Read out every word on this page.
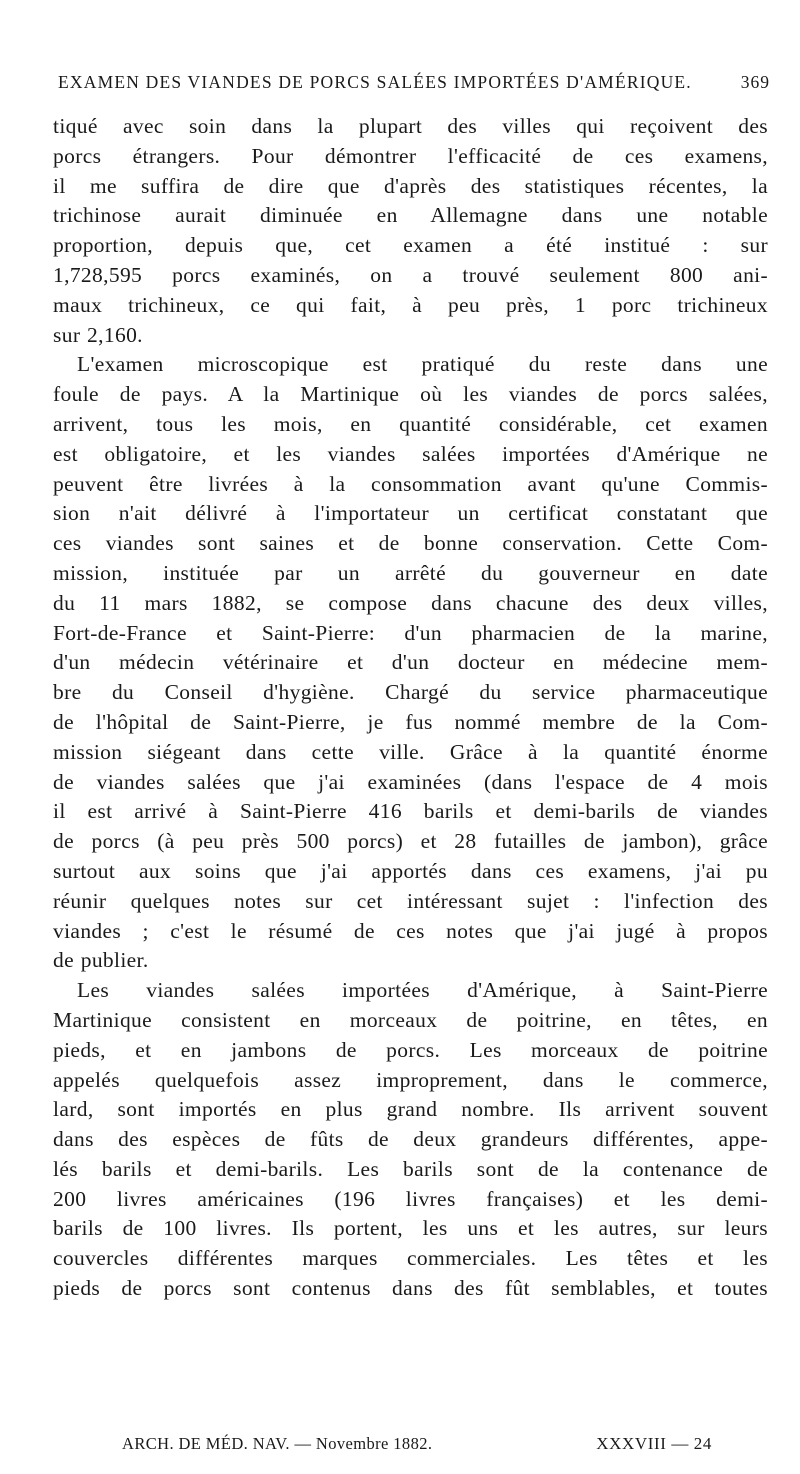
EXAMEN DES VIANDES DE PORCS SALÉES IMPORTÉES D'AMÉRIQUE.	369

tiqué avec soin dans la plupart des villes qui reçoivent des
porcs étrangers. Pour démontrer l'efficacité de ces examens,
il me suffira de dire que d'après des statistiques récentes, la
trichinose aurait diminuée en Allemagne dans une notable
proportion, depuis que, cet examen a été institué : sur
1,728,595 porcs examinés, on a trouvé seulement 800 ani-
maux trichineux, ce qui fait, à peu près, 1 porc trichineux
sur 2,160.

L'examen microscopique est pratiqué du reste dans une
foule de pays. A la Martinique où les viandes de porcs salées,
arrivent, tous les mois, en quantité considérable, cet examen
est obligatoire, et les viandes salées importées d'Amérique ne
peuvent être livrées à la consommation avant qu'une Commis-
sion n'ait délivré à l'importateur un certificat constatant que
ces viandes sont saines et de bonne conservation. Cette Com-
mission, instituée par un arrêté du gouverneur en date
du 11 mars 1882, se compose dans chacune des deux villes,
Fort-de-France et Saint-Pierre: d'un pharmacien de la marine,
d'un médecin vétérinaire et d'un docteur en médecine mem-
bre du Conseil d'hygiène. Chargé du service pharmaceutique
de l'hôpital de Saint-Pierre, je fus nommé membre de la Com-
mission siégeant dans cette ville. Grâce à la quantité énorme
de viandes salées que j'ai examinées (dans l'espace de 4 mois
il est arrivé à Saint-Pierre 416 barils et demi-barils de viandes
de porcs (à peu près 500 porcs) et 28 futailles de jambon), grâce
surtout aux soins que j'ai apportés dans ces examens, j'ai pu
réunir quelques notes sur cet intéressant sujet : l'infection des
viandes ; c'est le résumé de ces notes que j'ai jugé à propos
de publier.

Les viandes salées importées d'Amérique, à Saint-Pierre
Martinique consistent en morceaux de poitrine, en têtes, en
pieds, et en jambons de porcs. Les morceaux de poitrine
appelés quelquefois assez improprement, dans le commerce,
lard, sont importés en plus grand nombre. Ils arrivent souvent
dans des espèces de fûts de deux grandeurs différentes, appe-
lés barils et demi-barils. Les barils sont de la contenance de
200 livres américaines (196 livres françaises) et les demi-
barils de 100 livres. Ils portent, les uns et les autres, sur leurs
couvercles différentes marques commerciales. Les têtes et les
pieds de porcs sont contenus dans des fût semblables, et toutes

ARCH. DE MÉD. NAV. — Novembre 1882.	XXXVIII — 24
